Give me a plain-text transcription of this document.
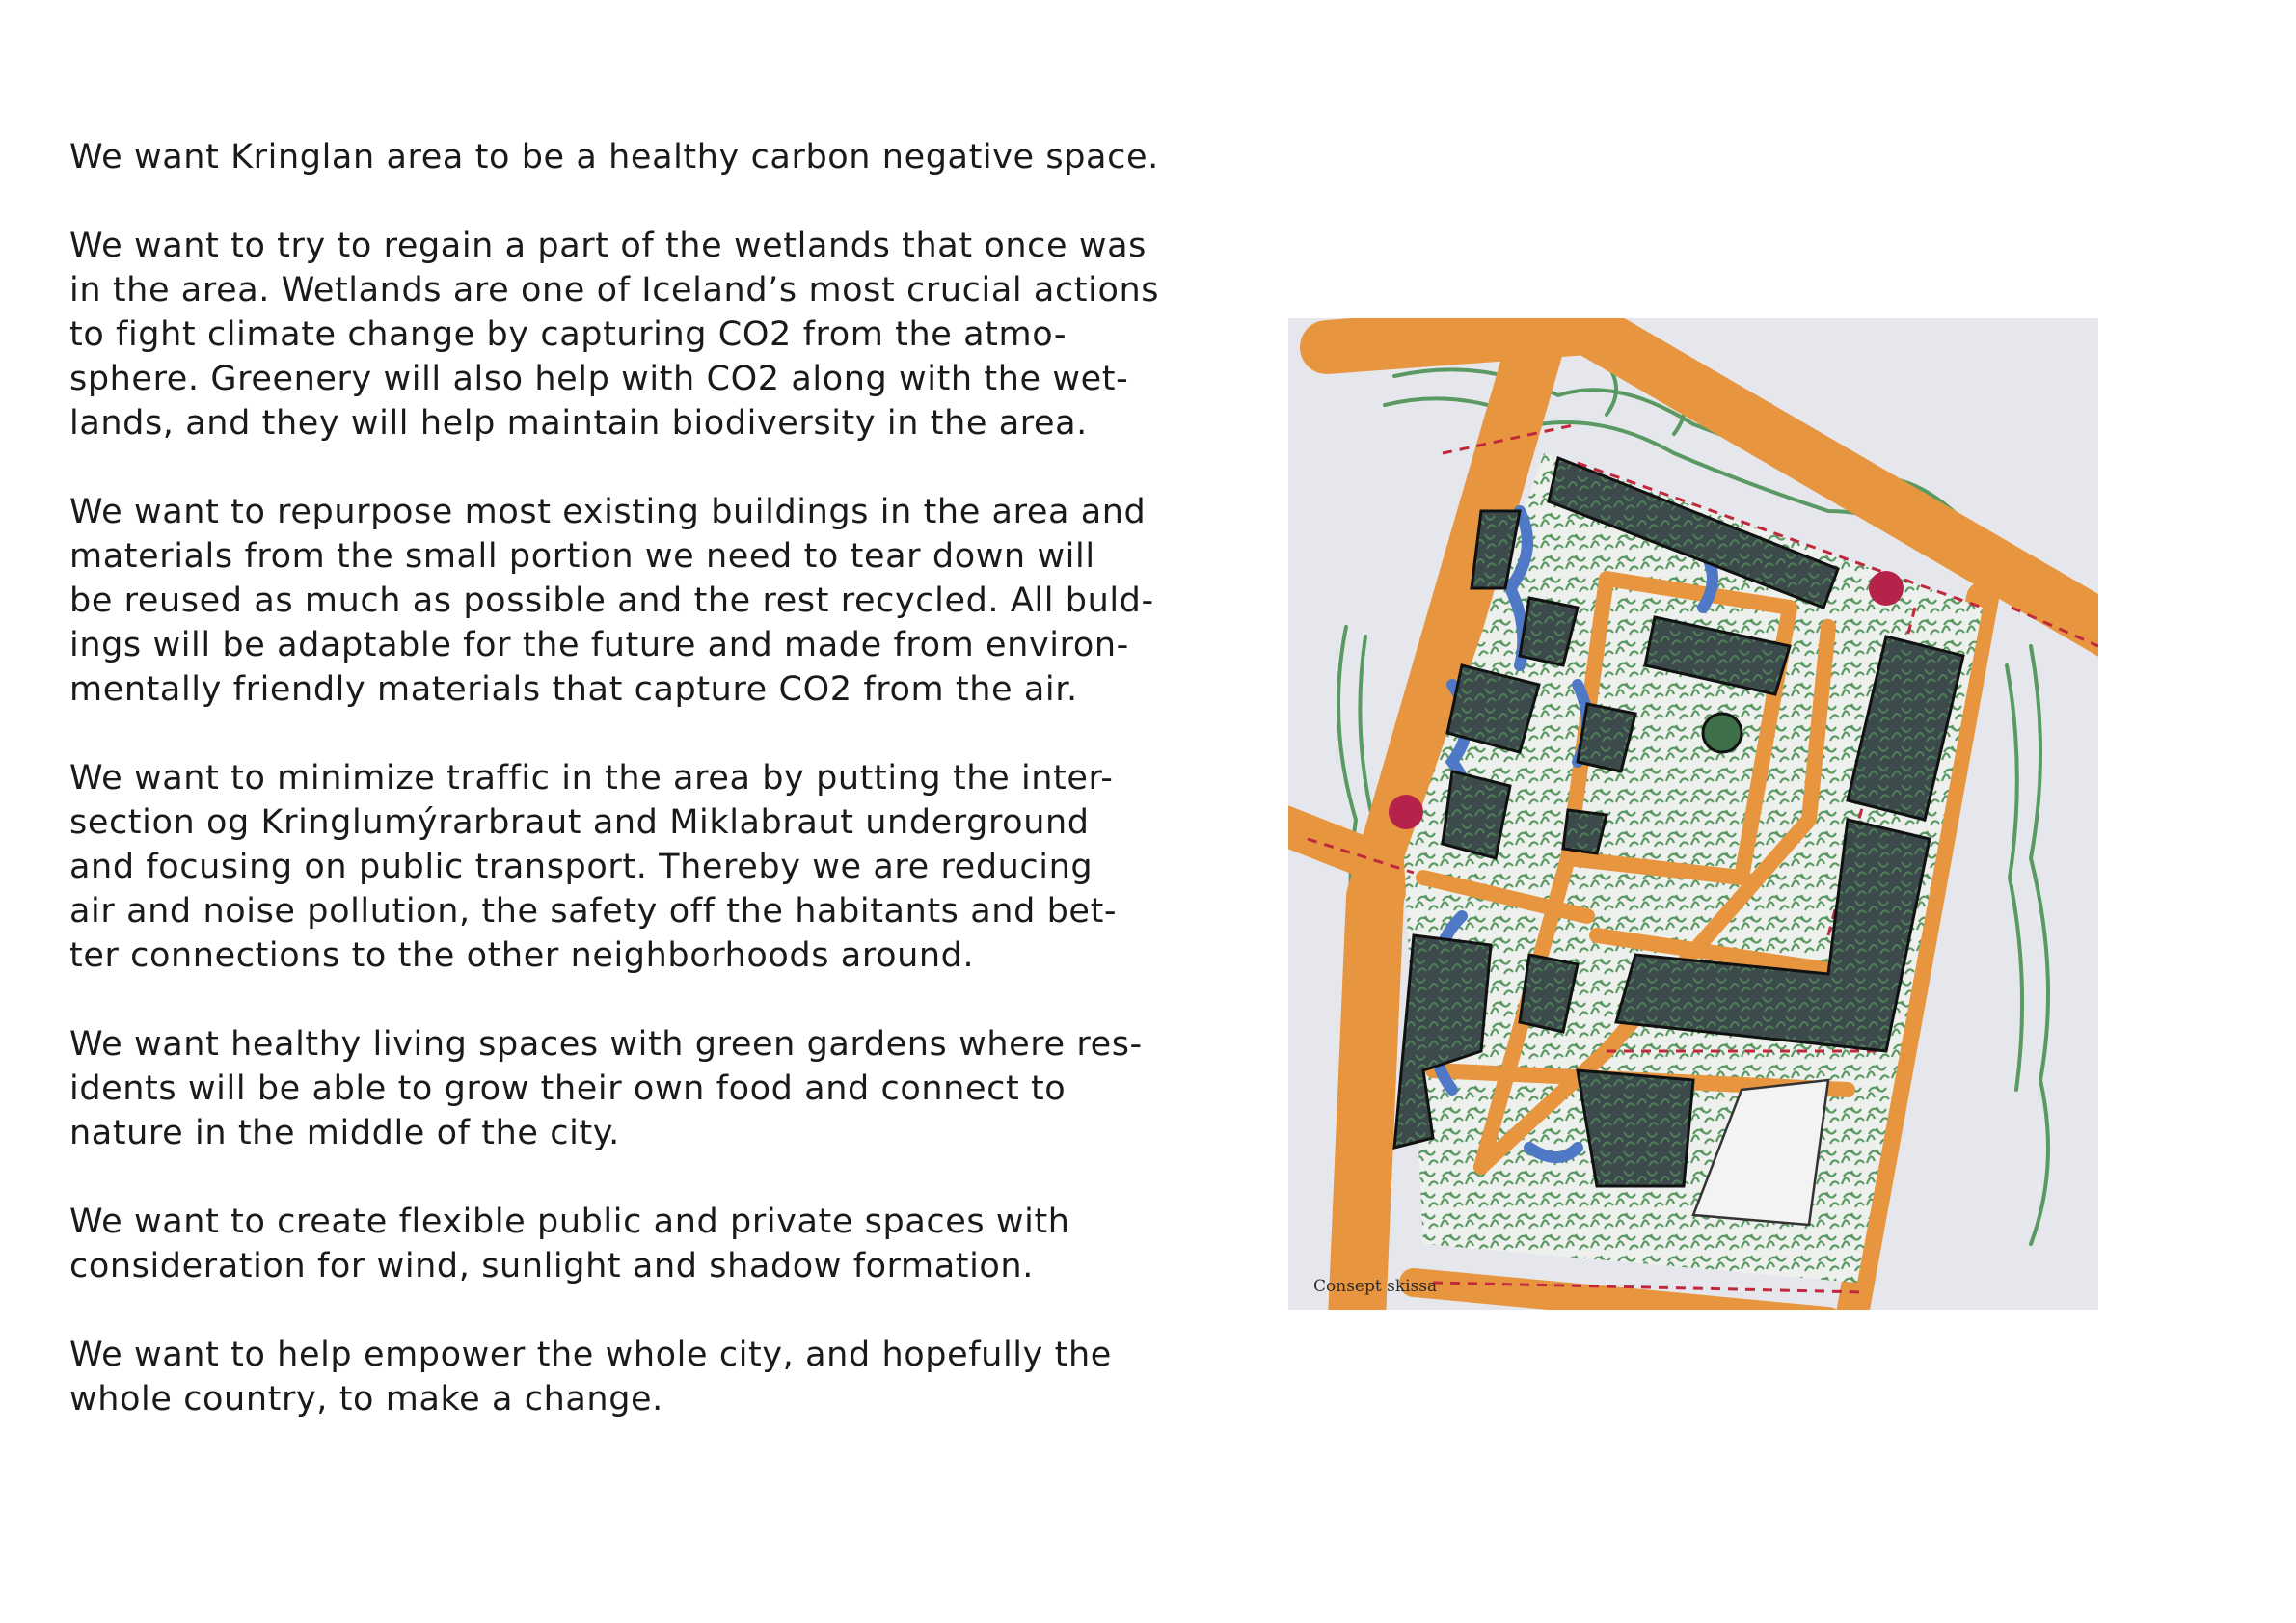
We want Kringlan area to be a healthy carbon negative space.

We want to try to regain a part of the wetlands that once was
in the area. Wetlands are one of Iceland’s most crucial actions
to fight climate change by capturing CO2 from the atmo-
sphere. Greenery will also help with CO2 along with the wet-
lands, and they will help maintain biodiversity in the area.

We want to repurpose most existing buildings in the area and
materials from the small portion we need to tear down will
be reused as much as possible and the rest recycled. All buld-
ings will be adaptable for the future and made from environ-
mentally friendly materials that capture CO2 from the air.

We want to minimize traffic in the area by putting the inter-
section og Kringlumýrarbraut and Miklabraut underground
and focusing on public transport. Thereby we are reducing
air and noise pollution, the safety off the habitants and bet-
ter connections to the other neighborhoods around.

We want healthy living spaces with green gardens where res-
idents will be able to grow their own food and connect to
nature in the middle of the city.

We want to create flexible public and private spaces with
consideration for wind, sunlight and shadow formation.

We want to help empower the whole city, and hopefully the
whole country, to make a change.

Consept skissa
